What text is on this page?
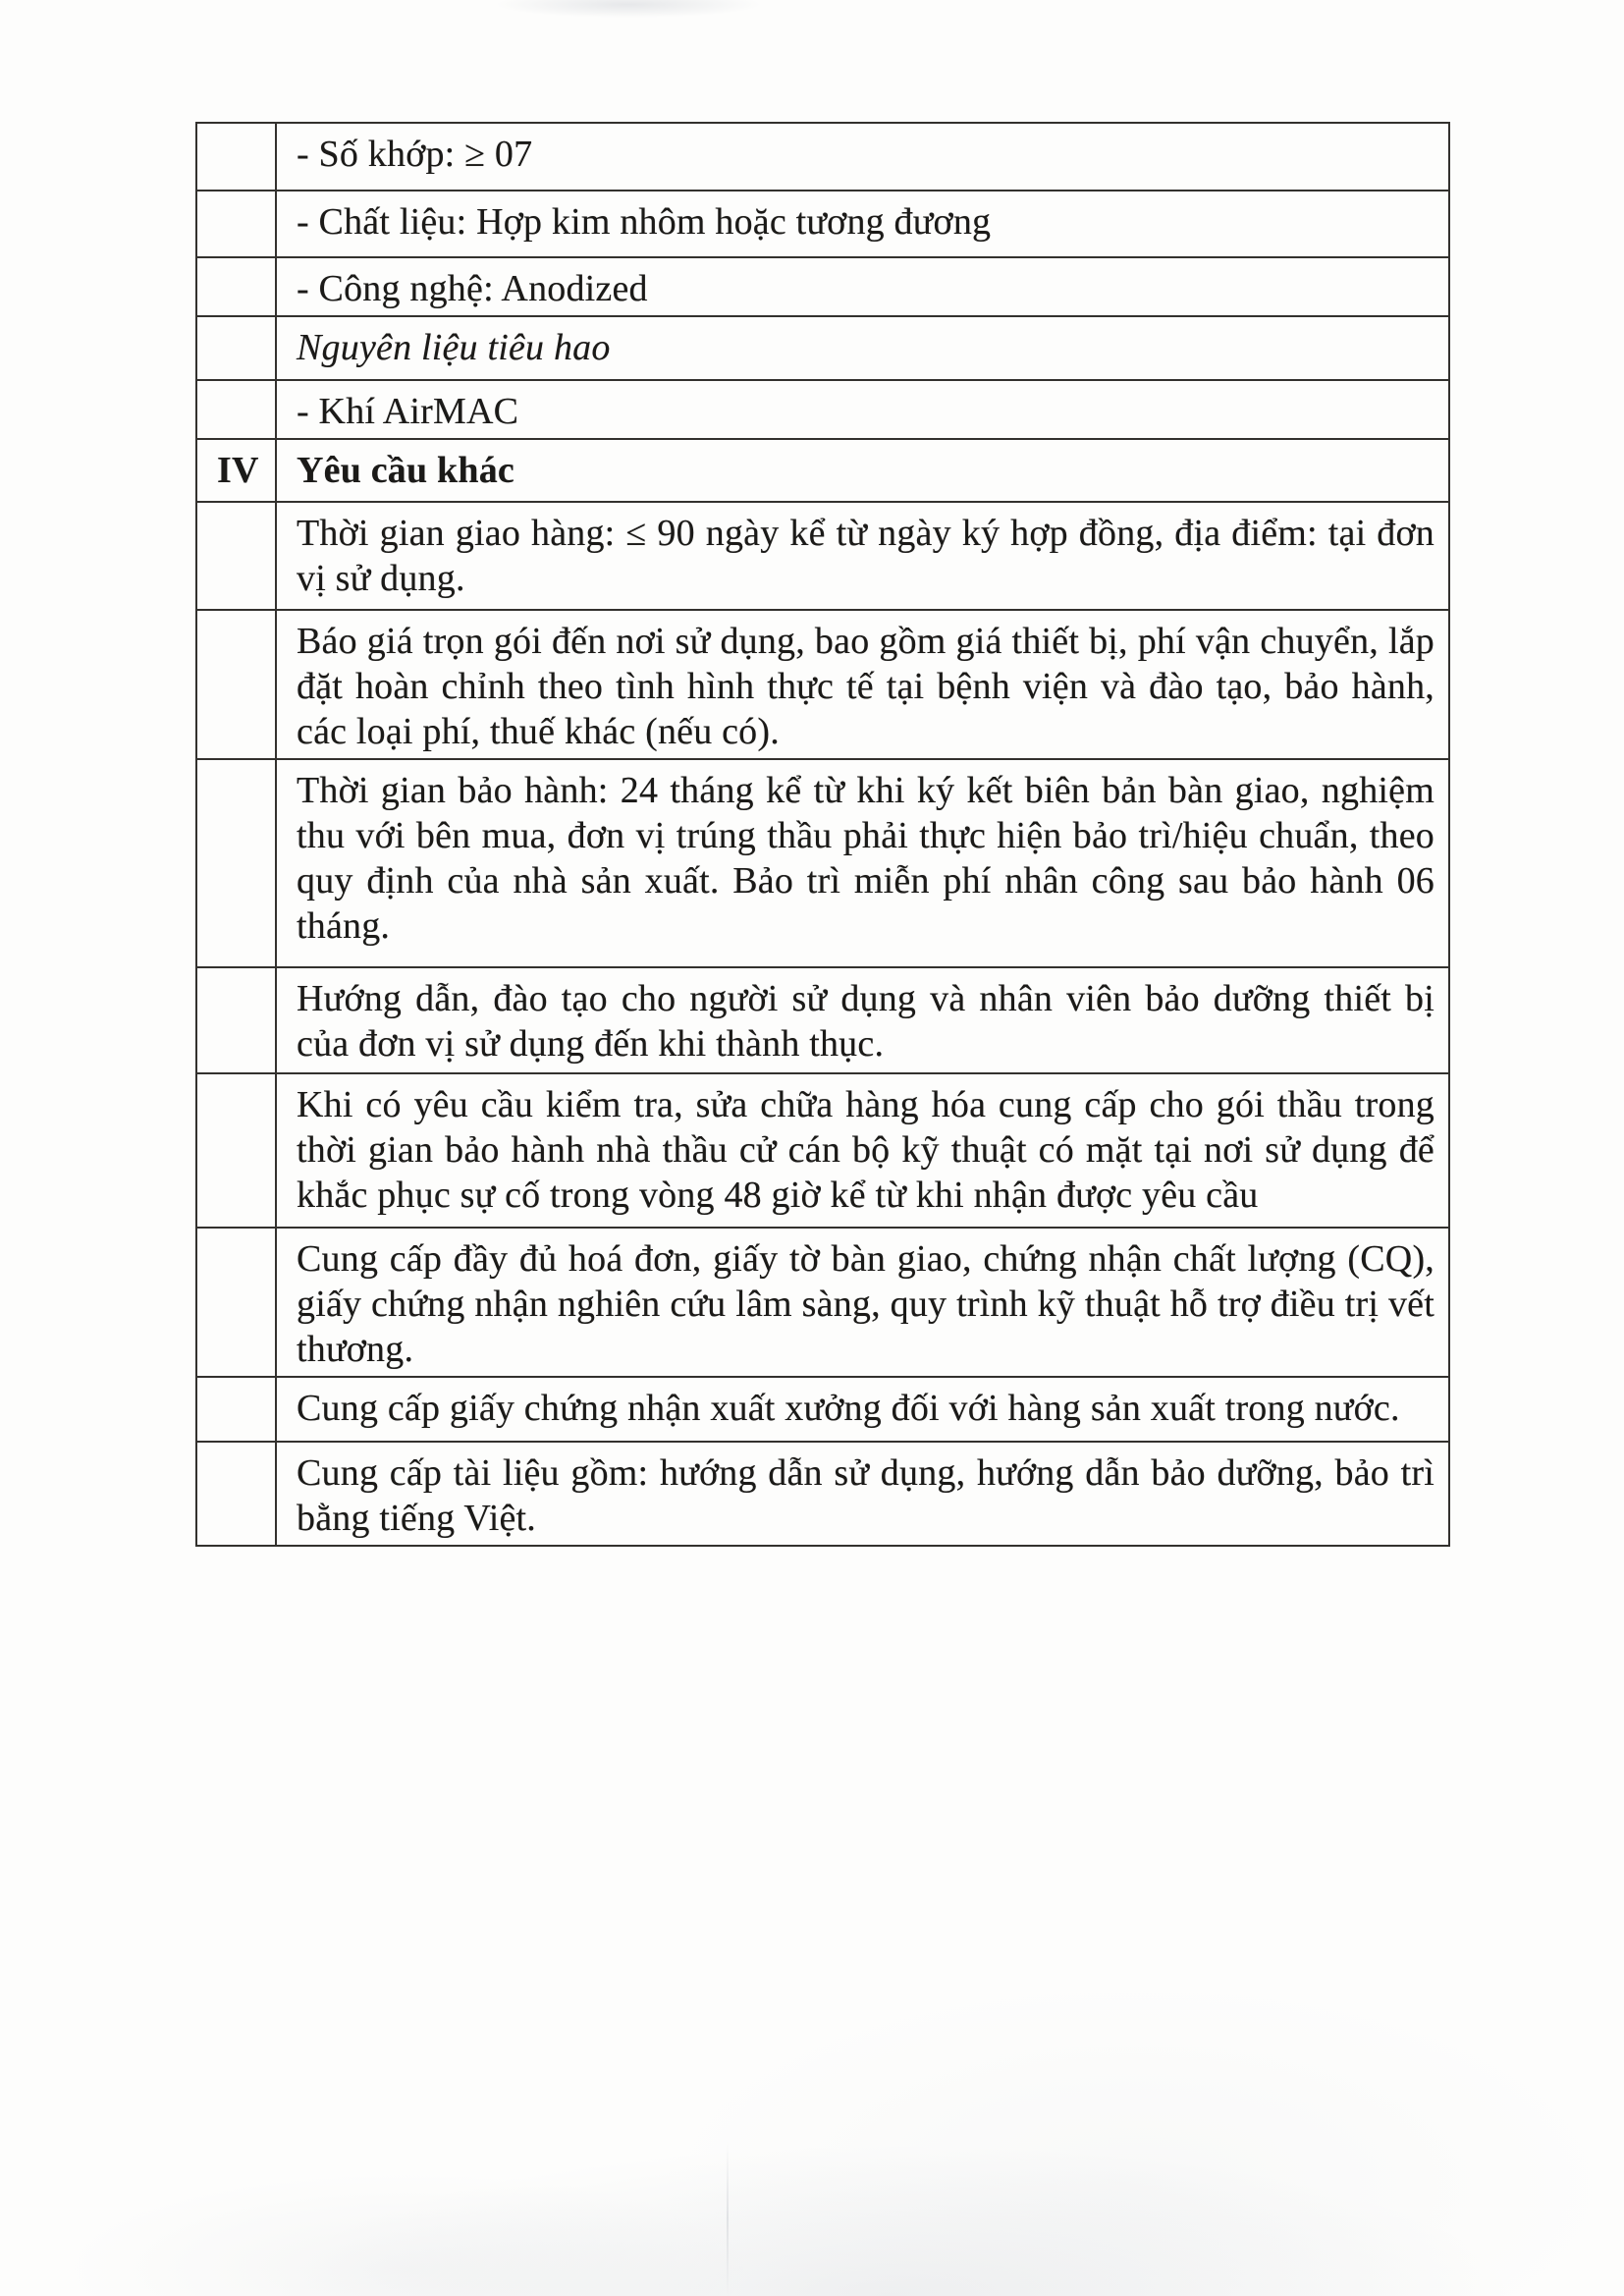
	- Số khớp: ≥ 07
	- Chất liệu: Hợp kim nhôm hoặc tương đương
	- Công nghệ: Anodized
	Nguyên liệu tiêu hao
	- Khí AirMAC
IV	Yêu cầu khác
	Thời gian giao hàng: ≤ 90 ngày kể từ ngày ký hợp đồng, địa điểm: tại đơn vị sử dụng.
	Báo giá trọn gói đến nơi sử dụng, bao gồm giá thiết bị, phí vận chuyển, lắp đặt hoàn chỉnh theo tình hình thực tế tại bệnh viện và đào tạo, bảo hành, các loại phí, thuế khác (nếu có).
	Thời gian bảo hành: 24 tháng kể từ khi ký kết biên bản bàn giao, nghiệm thu với bên mua, đơn vị trúng thầu phải thực hiện bảo trì/hiệu chuẩn, theo quy định của nhà sản xuất. Bảo trì miễn phí nhân công sau bảo hành 06 tháng.
	Hướng dẫn, đào tạo cho người sử dụng và nhân viên bảo dưỡng thiết bị của đơn vị sử dụng đến khi thành thục.
	Khi có yêu cầu kiểm tra, sửa chữa hàng hóa cung cấp cho gói thầu trong thời gian bảo hành nhà thầu cử cán bộ kỹ thuật có mặt tại nơi sử dụng để khắc phục sự cố trong vòng 48 giờ kể từ khi nhận được yêu cầu
	Cung cấp đầy đủ hoá đơn, giấy tờ bàn giao, chứng nhận chất lượng (CQ), giấy chứng nhận nghiên cứu lâm sàng, quy trình kỹ thuật hỗ trợ điều trị vết thương.
	Cung cấp giấy chứng nhận xuất xưởng đối với hàng sản xuất trong nước.
	Cung cấp tài liệu gồm: hướng dẫn sử dụng, hướng dẫn bảo dưỡng, bảo trì bằng tiếng Việt.
